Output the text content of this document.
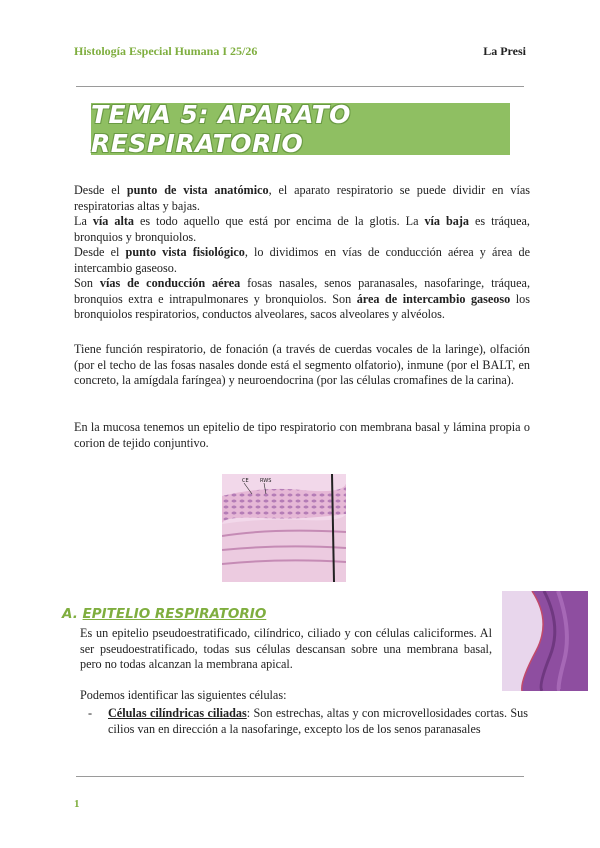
Histología Especial Humana I 25/26	La Presi
TEMA 5: APARATO RESPIRATORIO

Desde el punto de vista anatómico, el aparato respiratorio se puede dividir en vías respiratorias altas y bajas.

La vía alta es todo aquello que está por encima de la glotis. La vía baja es tráquea, bronquios y bronquiolos.

Desde el punto vista fisiológico, lo dividimos en vías de conducción aérea y área de intercambio gaseoso.

Son vías de conducción aérea fosas nasales, senos paranasales, nasofaringe, tráquea, bronquios extra e intrapulmonares y bronquiolos. Son área de intercambio gaseoso los bronquiolos respiratorios, conductos alveolares, sacos alveolares y alvéolos.

Tiene función respiratorio, de fonación (a través de cuerdas vocales de la laringe), olfación (por el techo de las fosas nasales donde está el segmento olfatorio), inmune (por el BALT, en concreto, la amígdala faríngea) y neuroendocrina (por las células cromafines de la carina).
En la mucosa tenemos un epitelio de tipo respiratorio con membrana basal y lámina propia o corion de tejido conjuntivo.
CE RWS
A. EPITELIO RESPIRATORIO
Es un epitelio pseudoestratificado, cilíndrico, ciliado y con células caliciformes. Al ser pseudoestratificado, todas sus células descansan sobre una membrana basal, pero no todas alcanzan la membrana apical.
Podemos identificar las siguientes células:
- Células cilíndricas ciliadas: Son estrechas, altas y con microvellosidades cortas. Sus cilios van en dirección a la nasofaringe, excepto los de los senos paranasales
1
